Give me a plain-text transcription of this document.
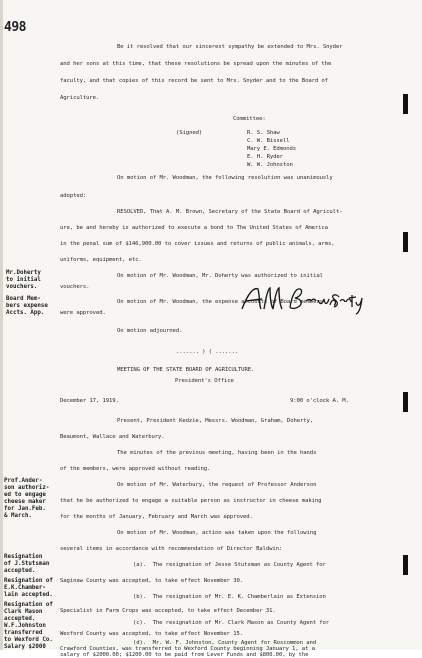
498
Be it resolved that our sincerest sympathy be extended to Mrs. Snyder
and her sons at this time, that these resolutions be spread upon the minutes of the
faculty, and that copies of this record be sent to Mrs. Snyder and to the Board of
Agriculture.
Committee:
(Signed)	R. S. Shaw
C. W. Bissell
Mary E. Edmonds
E. H. Ryder
W. W. Johnston
On motion of Mr. Woodman, the following resolution was unanimously
adopted:
RESOLVED, That A. M. Brown, Secretary of the State Board of Agricult-
ure, be and hereby is authorized to execute a bond to The United States of America
in the penal sum of $146,900.00 to cover issues and returns of public animals, arms,
uniforms, equipment, etc.
On motion of Mr. Woodman, Mr. Doherty was authorized to initial
vouchers.
On motion of Mr. Woodman, the expense accounts of Board members
were approved.
On motion adjourned.
....... ) ( .......
MEETING OF THE STATE BOARD OF AGRICULTURE.
President's Office
December 17, 1919.	9:00 o'clock A. M.
Present, President Kedzie, Messrs. Woodman, Graham, Doherty,
Beaumont, Wallace and Waterbury.
The minutes of the previous meeting, having been in the hands
of the members, were approved without reading.
On motion of Mr. Waterbury, the request of Professor Anderson
that he be authorized to engage a suitable person as instructor in cheese making
for the months of January, February and March was approved.
On motion of Mr. Woodman, action was taken upon the following
several items in accordance with recommendation of Director Baldwin:
(a).  The resignation of Jesse Stutsman as County Agent for
Saginaw County was accepted, to take effect November 30.
(b).  The resignation of Mr. E. K. Chamberlain as Extension
Specialist in Farm Crops was accepted, to take effect December 31.
(c).  The resignation of Mr. Clark Mason as County Agent for
Wexford County was accepted, to take effect November 15.
(d).  Mr. W. F. Johnston, County Agent for Roscommon and
Crawford Counties, was transferred to Wexford County beginning January 1, at a
salary of $2000.00; $1200.00 to be paid from Lever Funds and $800.00, by the
Mr.Doherty
to initial
vouchers.
Board Mem-
bers expense
Accts. App.
Prof.Ander-
son authoriz-
ed to engage
cheese maker
for Jan.Feb.
& March.
Resignation
of J.Stutsman
accepted.
Resignation of
E.K.Chamber-
lain accepted.
Resignation of
Clark Mason
accepted.
W.F.Johnston
transferred
to Wexford Co.
Salary $2000
